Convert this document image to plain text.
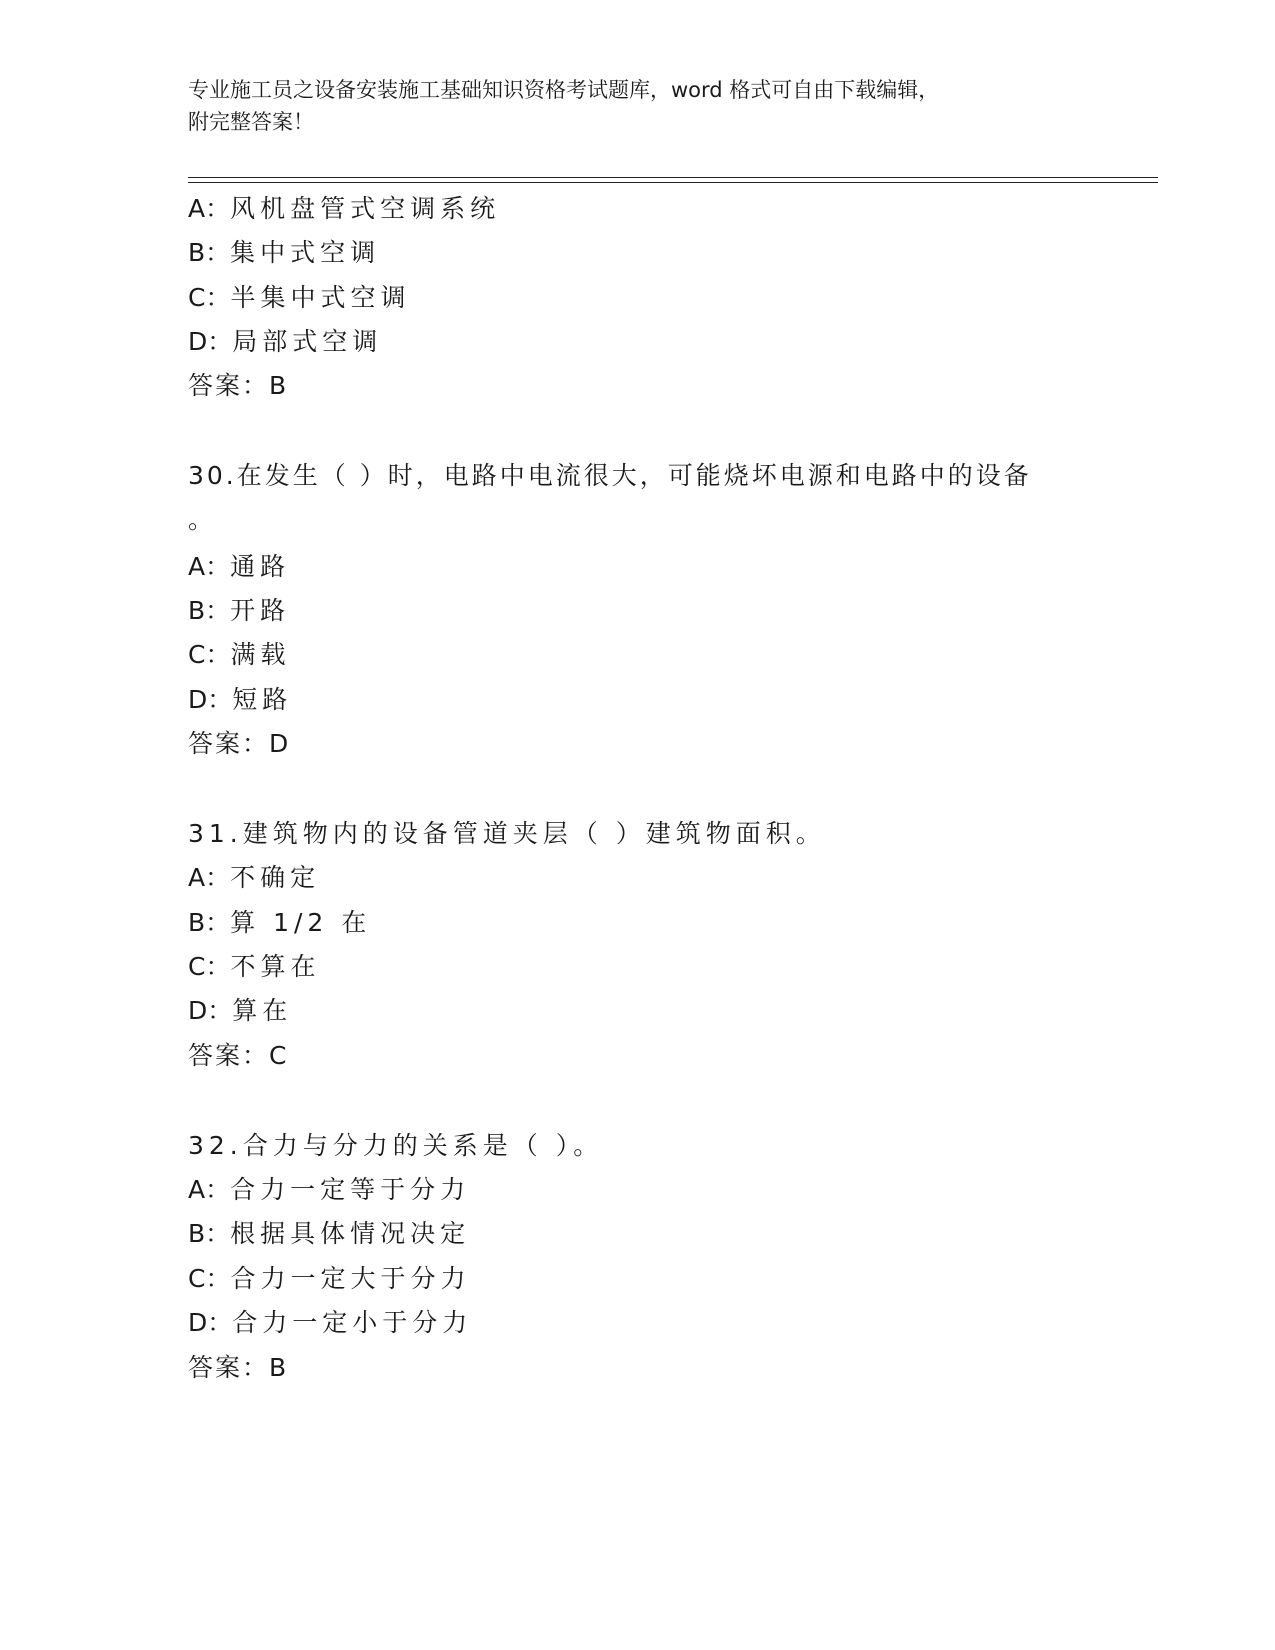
专业施工员之设备安装施工基础知识资格考试题库，word 格式可自由下载编辑，
附完整答案！
A：风机盘管式空调系统
B：集中式空调
C：半集中式空调
D：局部式空调
答案：B
30.在发生（ ）时，电路中电流很大，可能烧坏电源和电路中的设备
。
A：通路
B：开路
C：满载
D：短路
答案：D
31.建筑物内的设备管道夹层（ ）建筑物面积。
A：不确定
B：算 1/2 在
C：不算在
D：算在
答案：C
32.合力与分力的关系是（ ）。
A：合力一定等于分力
B：根据具体情况决定
C：合力一定大于分力
D：合力一定小于分力
答案：B
